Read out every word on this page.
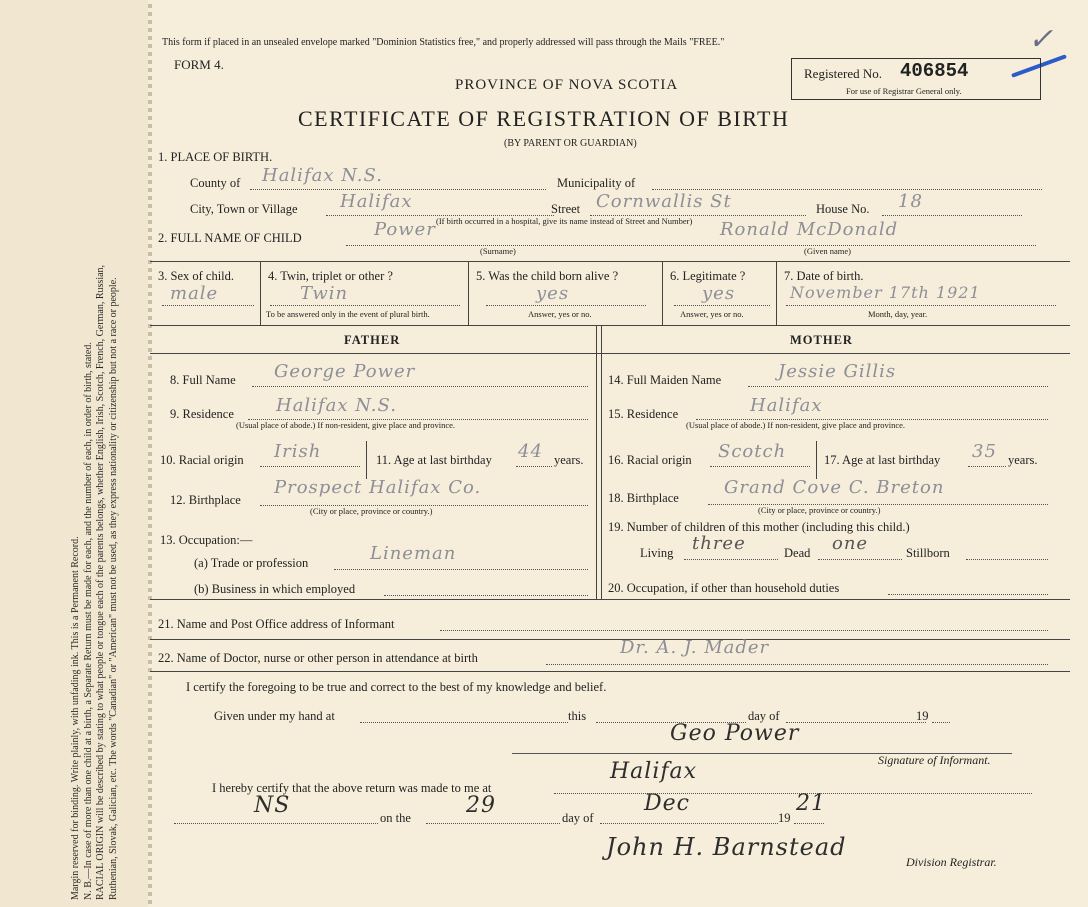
Margin reserved for binding. Write plainly, with unfading ink. This is a Permanent Record. N. B.—In case of more than one child at a birth, a Separate Return must be made for each, and the number of each, in order of birth, stated. RACIAL ORIGIN will be described by stating to what people or tongue each of the parents belongs, whether English, Irish, Scotch, French, German, Russian, Ruthenian, Slovak, Galician, etc. The words "Canadian" or "American" must not be used, as they express nationality or citizenship but not a race or people.
✓
This form if placed in an unsealed envelope marked "Dominion Statistics free," and properly addressed will pass through the Mails "FREE."
FORM 4.
PROVINCE OF NOVA SCOTIA
CERTIFICATE OF REGISTRATION OF BIRTH
(BY PARENT OR GUARDIAN)
Registered No. 406854
For use of Registrar General only.
1. PLACE OF BIRTH.
County of Halifax N.S.	Municipality of
City, Town or Village Halifax	Street Cornwallis St	House No. 18
(If birth occurred in a hospital, give its name instead of Street and Number)
2. FULL NAME OF CHILD	Power	Ronald McDonald
(Surname)	(Given name)
3. Sex of child.
male
4. Twin, triplet or other ?
Twin
To be answered only in the event of plural birth.
5. Was the child born alive ?
yes
Answer, yes or no.
6. Legitimate ?
yes
Answer, yes or no.
7. Date of birth.
November 17th 1921
Month, day, year.
FATHER	MOTHER
8. Full Name George Power
9. Residence Halifax N.S.
(Usual place of abode.) If non-resident, give place and province.
10. Racial origin Irish	11. Age at last birthday 44 years.
12. Birthplace
Prospect Halifax Co.
(City or place, province or country.)
13. Occupation:—
(a) Trade or profession	Lineman
(b) Business in which employed
14. Full Maiden Name	Jessie Gillis
15. Residence	Halifax
(Usual place of abode.) If non-resident, give place and province.
16. Racial origin Scotch	17. Age at last birthday 35 years.
18. Birthplace	Grand Cove C. Breton
(City or place, province or country.)
19. Number of children of this mother (including this child.)
Living three	Dead one	Stillborn
20. Occupation, if other than household duties
21. Name and Post Office address of Informant
22. Name of Doctor, nurse or other person in attendance at birth	Dr. A. J. Mader
I certify the foregoing to be true and correct to the best of my knowledge and belief.
Given under my hand at	this	day of	19
Geo Power
Signature of Informant.
I hereby certify that the above return was made to me at
Halifax
NS	on the	29	day of
Dec
19
21
John H. Barnstead
Division Registrar.
